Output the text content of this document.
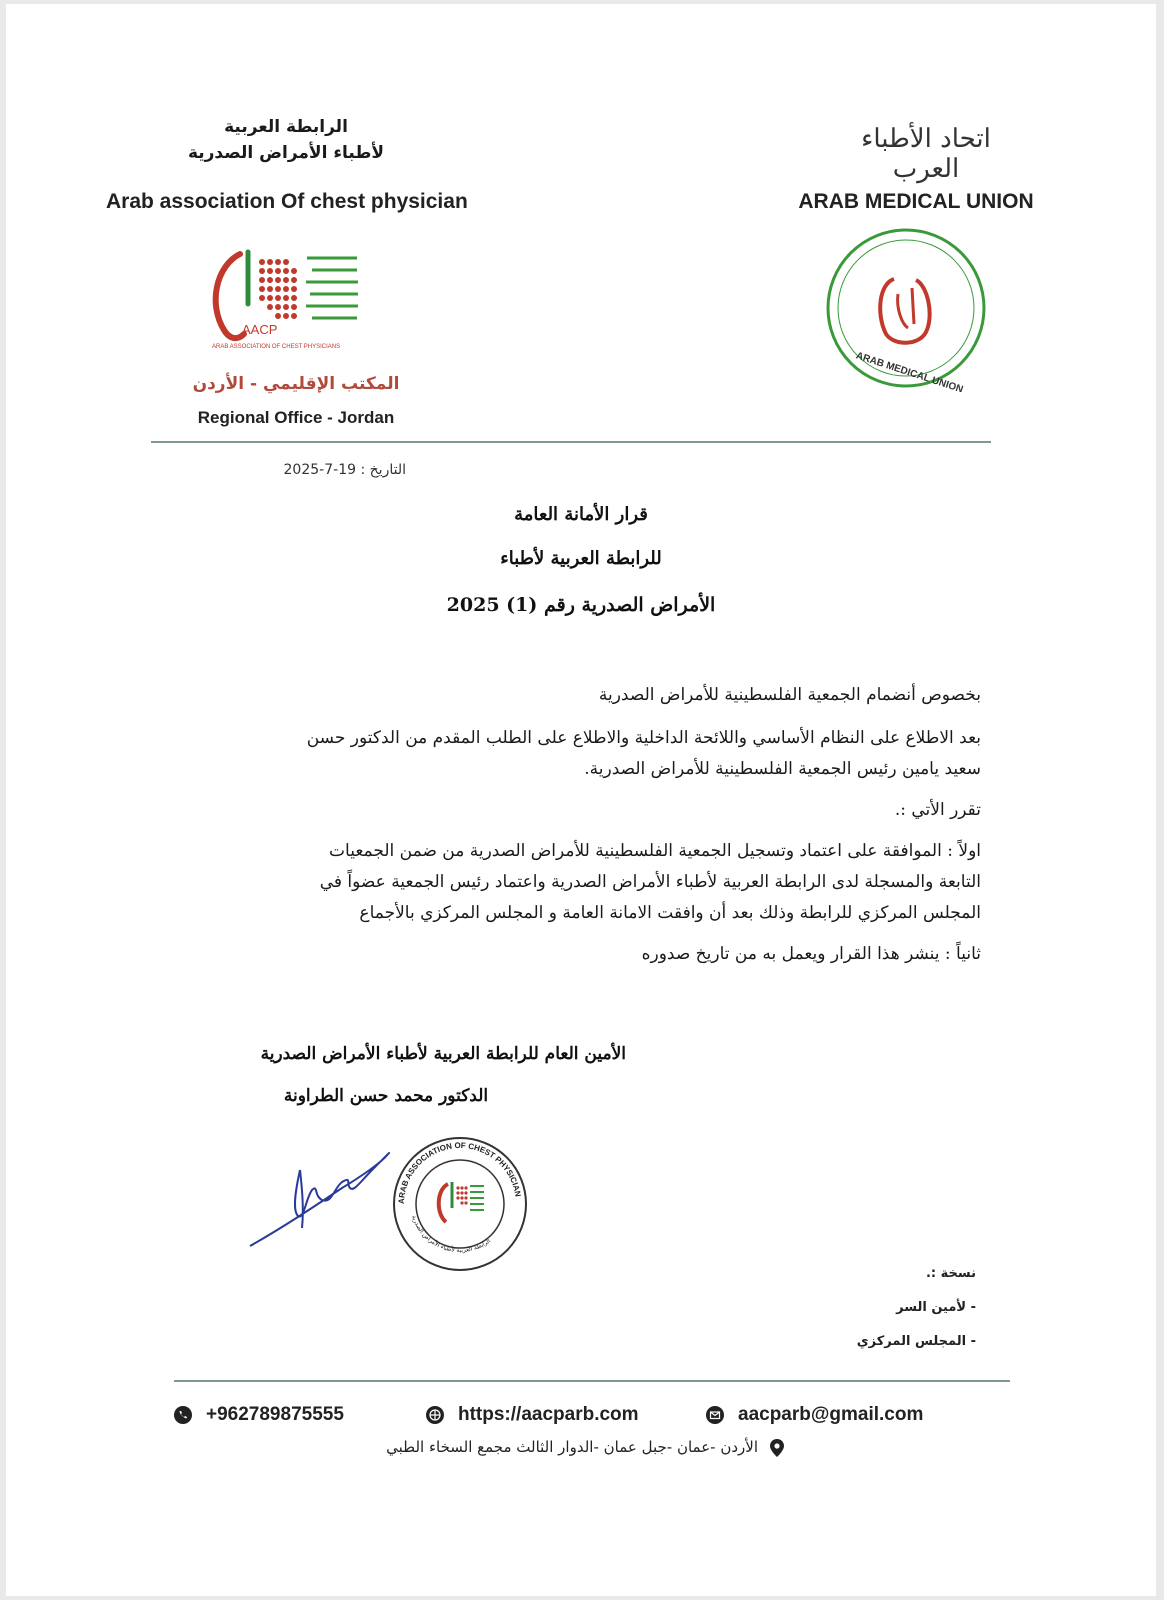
الرابطة العربية
لأطباء الأمراض الصدرية
Arab association Of chest physician
AACP
ARAB ASSOCIATION OF CHEST PHYSICIANS
المكتب الإقليمي - الأردن
Regional Office - Jordan
اتحاد الأطباء العرب
ARAB MEDICAL UNION
ARAB MEDICAL UNION
التاريخ : 19-7-2025
قرار الأمانة العامة
للرابطة العربية لأطباء
الأمراض الصدرية رقم (1) 2025
بخصوص أنضمام الجمعية الفلسطينية للأمراض الصدرية
بعد الاطلاع على النظام الأساسي واللائحة الداخلية والاطلاع على الطلب المقدم من الدكتور حسن
سعيد يامين رئيس الجمعية الفلسطينية للأمراض الصدرية.
تقرر الأتي :.
اولاً : الموافقة على اعتماد وتسجيل الجمعية الفلسطينية للأمراض الصدرية من ضمن الجمعيات
التابعة والمسجلة لدى الرابطة العربية لأطباء الأمراض الصدرية واعتماد رئيس الجمعية عضواً في
المجلس المركزي للرابطة وذلك بعد أن وافقت الامانة العامة و المجلس المركزي بالأجماع
ثانياً : ينشر هذا القرار ويعمل به من تاريخ صدوره
الأمين العام للرابطة العربية لأطباء الأمراض الصدرية
الدكتور محمد حسن الطراونة
ARAB ASSOCIATION OF CHEST PHYSICIAN
الرابطة العربية لأطباء الأمراض الصدرية
نسخة :.
- لأمين السر
- المجلس المركزي
+962789875555	https://aacparb.com	aacparb@gmail.com
الأردن -عمان -جبل عمان -الدوار الثالث مجمع السخاء الطبي
